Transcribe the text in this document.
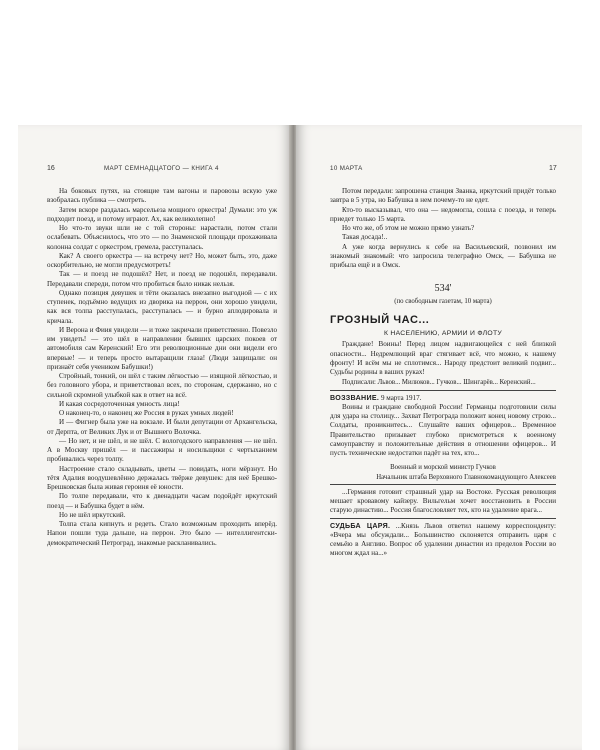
16	МАРТ СЕМНАДЦАТОГО — КНИГА 4

На боковых путях, на стоящие там вагоны и паровозы вскую уже взобралась публика — смотреть.

Затем вскоре раздалась марсельеза мощного оркестра! Думали: это уж подходит поезд, и потому играют. Ах, как великолепно!

Но что-то звуки шли не с той стороны: нарастали, потом стали ослабевать. Объяснилось, что это — по Знаменской площади прохаживала колонна солдат с оркестром, гремела, расступалась.

Как? А своего оркестра — на встречу нет? Но, может быть, это, даже оскорбительно, не могли предусмотреть!

Так — и поезд не подошёл? Нет, и поезд не подошёл, передавали. Передавали спереди, потом что пробиться было никак нельзя.

Однако позиция девушек и тёти оказалась внезапно выгодной — с их ступенек, подъёмно ведущих из дворика на перрон, они хорошо увидели, как вся толпа расступалась, расступалась — и бурно аплодировала и кричала.

И Верона и Фиия увидели — и тоже закричали приветственно. Повезло им увидеть! — это шёл в направлении бывших царских покоев от автомобиля сам Керенский! Его эти революционные дни они видели его впервые! — и теперь просто вытаращили глаза! (Люди защищали: он признаёт себя учеником Бабушки!)

Стройный, тонкий, он шёл с таким лёгкостью — изящной лёгкостью, и без головного убора, и приветствовал всех, по сторонам, сдержанно, но с сильной скромной улыбкой как в ответ на всё.

И какая сосредоточенная умность лица!

О наконец-то, о наконец же Россия в руках умных людей!

И — Фигнер была уже на вокзале. И были депутации от Архангельска, от Дерпта, от Великих Лук и от Вышнего Волочка.

— Но нет, и не шёл, и не шёл. С вологодского направления — не шёл. А в Москву пришёл — и пассажиры и носильщики с чертыханием пробивались через толпу.

Настроение стало складывать, цветы — повидать, ноги мёрзнут. Но тётя Адалия воодушевлённо держалась твёрже девушек: для неё Брешко-Брешковская была живая героиня её юности.

По толпе передавали, что к двенадцати часам подойдёт иркутский поезд — и Бабушка будет в нём.

Но не шёл иркутский.

Толпа стала кипнуть и редеть. Стало возможным проходить вперёд. Напои пошли туда дальше, на перрон. Это было — интеллигентски-демократический Петроград, знакомые раскланивались.

10 МАРТА	17

Потом передали: запрошена станция Званка, иркутский придёт только завтра в 5 утра, но Бабушка в нем почему-то не едет.

Кто-то высказывал, что она — недомогла, сошла с поезда, и теперь приедет только 15 марта.

Но что же, об этом не можно прямо узнать?

Такая досада!..

А уже когда вернулись к себе на Васильевский, позвонил им знакомый знакомый: что запросила телеграфно Омск, — Бабушка не прибыла ещё и в Омск.

534'
(по свободным газетам, 10 марта)
ГРОЗНЫЙ ЧАС...
К НАСЕЛЕНИЮ, АРМИИ И ФЛОТУ

Граждане! Воины! Перед лицом надвигающейся с ней близкой опасности... Недремлющий враг стягивает всё, что можно, к нашему фронту! И всём мы не сплотимся... Народу предстоит великий подвиг... Судьбы родины в ваших руках!

Подписали: Львов... Милюков... Гучков... Шингарёв... Керенский...

ВОЗЗВАНИЕ. 9 марта 1917.

Воины и граждане свободной России! Германцы подготовили силы для удара на столицу... Захват Петрограда положит конец новому строю... Солдаты, проникнитесь... Слушайте ваших офицеров... Временное Правительство призывает глубоко присмотреться к военному самоуправству и положительные действия в отношении офицеров... И пусть технические недостатки падёт на тех, кто...

Военный и морской министр Гучков

Начальник штаба Верховного Главнокомандующего Алексеев

...Германия готовит страшный удар на Востоке. Русская революция мешает кровавому кайзеру. Вильгельм хочет восстановить в России старую династию... Россия благословляет тех, кто на удаление врага...

СУДЬБА ЦАРЯ. ...Князь Львов ответил нашему корреспонденту: «Вчера мы обсуждали... Большинство склоняется отправить царя с семьёю в Англию. Вопрос об удалении династии из пределов России во многом ждал на...»
